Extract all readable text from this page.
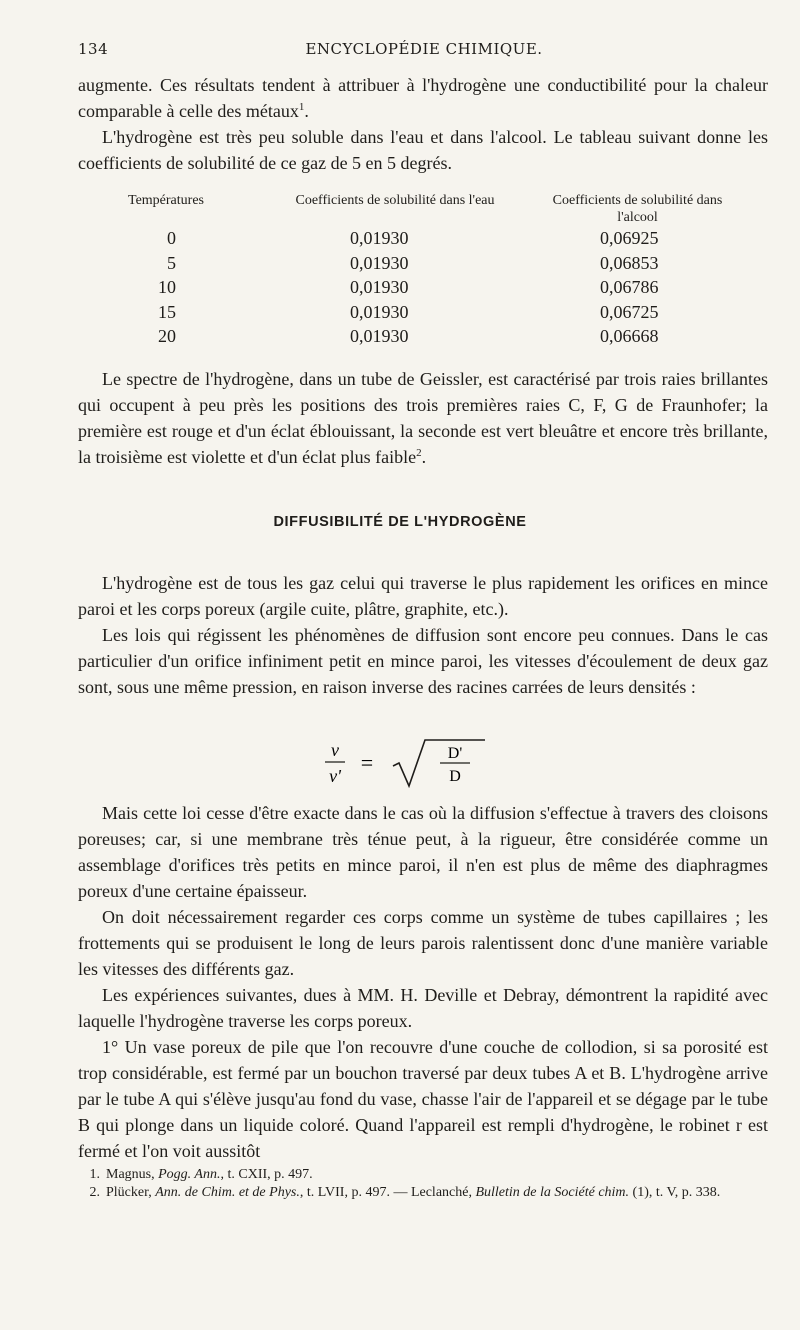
134	ENCYCLOPÉDIE CHIMIQUE.

augmente. Ces résultats tendent à attribuer à l'hydrogène une conductibilité pour la chaleur comparable à celle des métaux$^1$.

L'hydrogène est très peu soluble dans l'eau et dans l'alcool. Le tableau suivant donne les coefficients de solubilité de ce gaz de 5 en 5 degrés.

Températures	Coefficients de solubilité dans l'eau	Coefficients de solubilité dans l'alcool
0	0,01930	0,06925
5	0,01930	0,06853
10	0,01930	0,06786
15	0,01930	0,06725
20	0,01930	0,06668

Le spectre de l'hydrogène, dans un tube de Geissler, est caractérisé par trois raies brillantes qui occupent à peu près les positions des trois premières raies C, F, G de Fraunhofer; la première est rouge et d'un éclat éblouissant, la seconde est vert bleuâtre et encore très brillante, la troisième est violette et d'un éclat plus faible$^2$.

DIFFUSIBILITÉ DE L'HYDROGÈNE

L'hydrogène est de tous les gaz celui qui traverse le plus rapidement les orifices en mince paroi et les corps poreux (argile cuite, plâtre, graphite, etc.).

Les lois qui régissent les phénomènes de diffusion sont encore peu connues. Dans le cas particulier d'un orifice infiniment petit en mince paroi, les vitesses d'écoulement de deux gaz sont, sous une même pression, en raison inverse des racines carrées de leurs densités :

v
v'
=	D'
D

Mais cette loi cesse d'être exacte dans le cas où la diffusion s'effectue à travers des cloisons poreuses; car, si une membrane très ténue peut, à la rigueur, être considérée comme un assemblage d'orifices très petits en mince paroi, il n'en est plus de même des diaphragmes poreux d'une certaine épaisseur.

On doit nécessairement regarder ces corps comme un système de tubes capillaires ; les frottements qui se produisent le long de leurs parois ralentissent donc d'une manière variable les vitesses des différents gaz.

Les expériences suivantes, dues à MM. H. Deville et Debray, démontrent la rapidité avec laquelle l'hydrogène traverse les corps poreux.

1° Un vase poreux de pile que l'on recouvre d'une couche de collodion, si sa porosité est trop considérable, est fermé par un bouchon traversé par deux tubes A et B. L'hydrogène arrive par le tube A qui s'élève jusqu'au fond du vase, chasse l'air de l'appareil et se dégage par le tube B qui plonge dans un liquide coloré. Quand l'appareil est rempli d'hydrogène, le robinet r est fermé et l'on voit aussitôt

1. Magnus, Pogg. Ann., t. CXII, p. 497.

2. Plücker, Ann. de Chim. et de Phys., t. LVII, p. 497. — Leclanché, Bulletin de la Société chim. (1), t. V, p. 338.
